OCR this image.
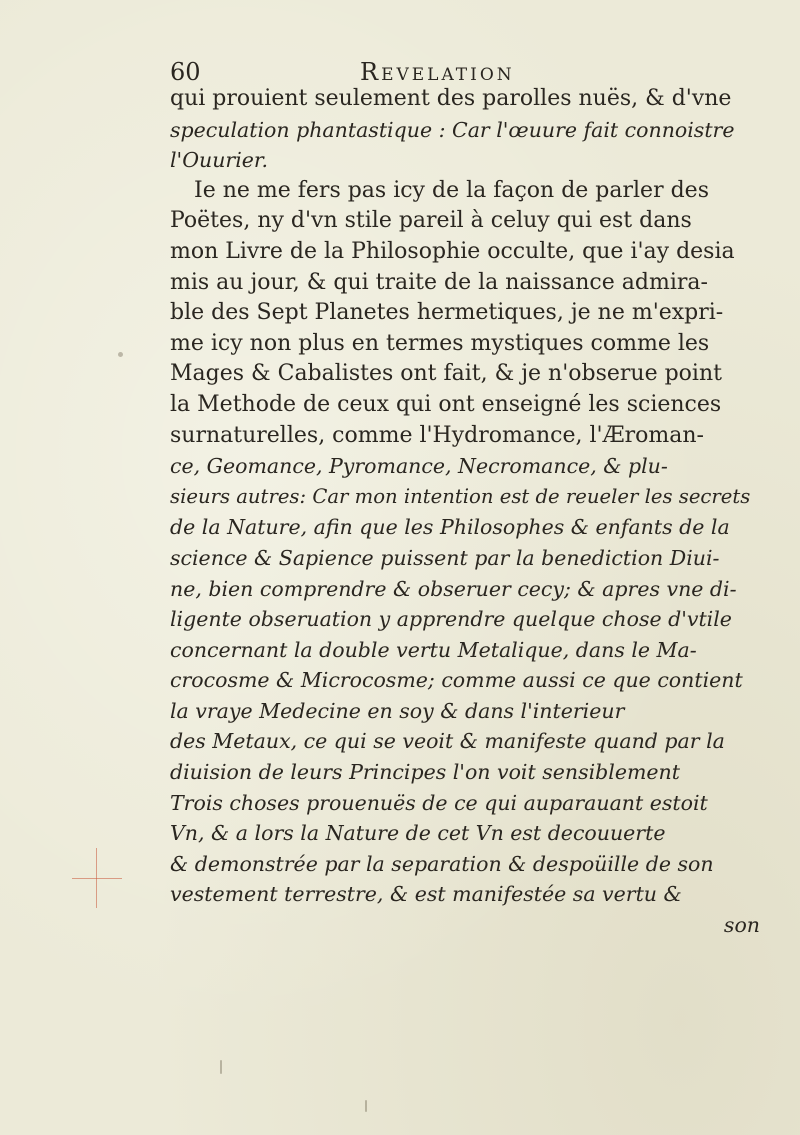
60	Revelation
qui prouient seulement des parolles nuës, & d'vne
speculation phantastique : Car l'œuure fait connoistre
l'Ouurier.
Ie ne me fers pas icy de la façon de parler des
Poëtes, ny d'vn stile pareil à celuy qui est dans
mon Livre de la Philosophie occulte, que i'ay desia
mis au jour, & qui traite de la naissance admira-
ble des Sept Planetes hermetiques, je ne m'expri-
me icy non plus en termes mystiques comme les
Mages & Cabalistes ont fait, & je n'obserue point
la Methode de ceux qui ont enseigné les sciences
surnaturelles, comme l'Hydromance, l'Æroman-
ce, Geomance, Pyromance, Necromance, & plu-
sieurs autres: Car mon intention est de reueler les secrets
de la Nature, afin que les Philosophes & enfants de la
science & Sapience puissent par la benediction Diui-
ne, bien comprendre & obseruer cecy; & apres vne di-
ligente obseruation y apprendre quelque chose d'vtile
concernant la double vertu Metalique, dans le Ma-
crocosme & Microcosme; comme aussi ce que contient
la vraye Medecine en soy & dans l'interieur
des Metaux, ce qui se veoit & manifeste quand par la
diuision de leurs Principes l'on voit sensiblement
Trois choses prouenuës de ce qui auparauant estoit
Vn, & a lors la Nature de cet Vn est decouuerte
& demonstrée par la separation & despoüille de son
vestement terrestre, & est manifestée sa vertu &
son
